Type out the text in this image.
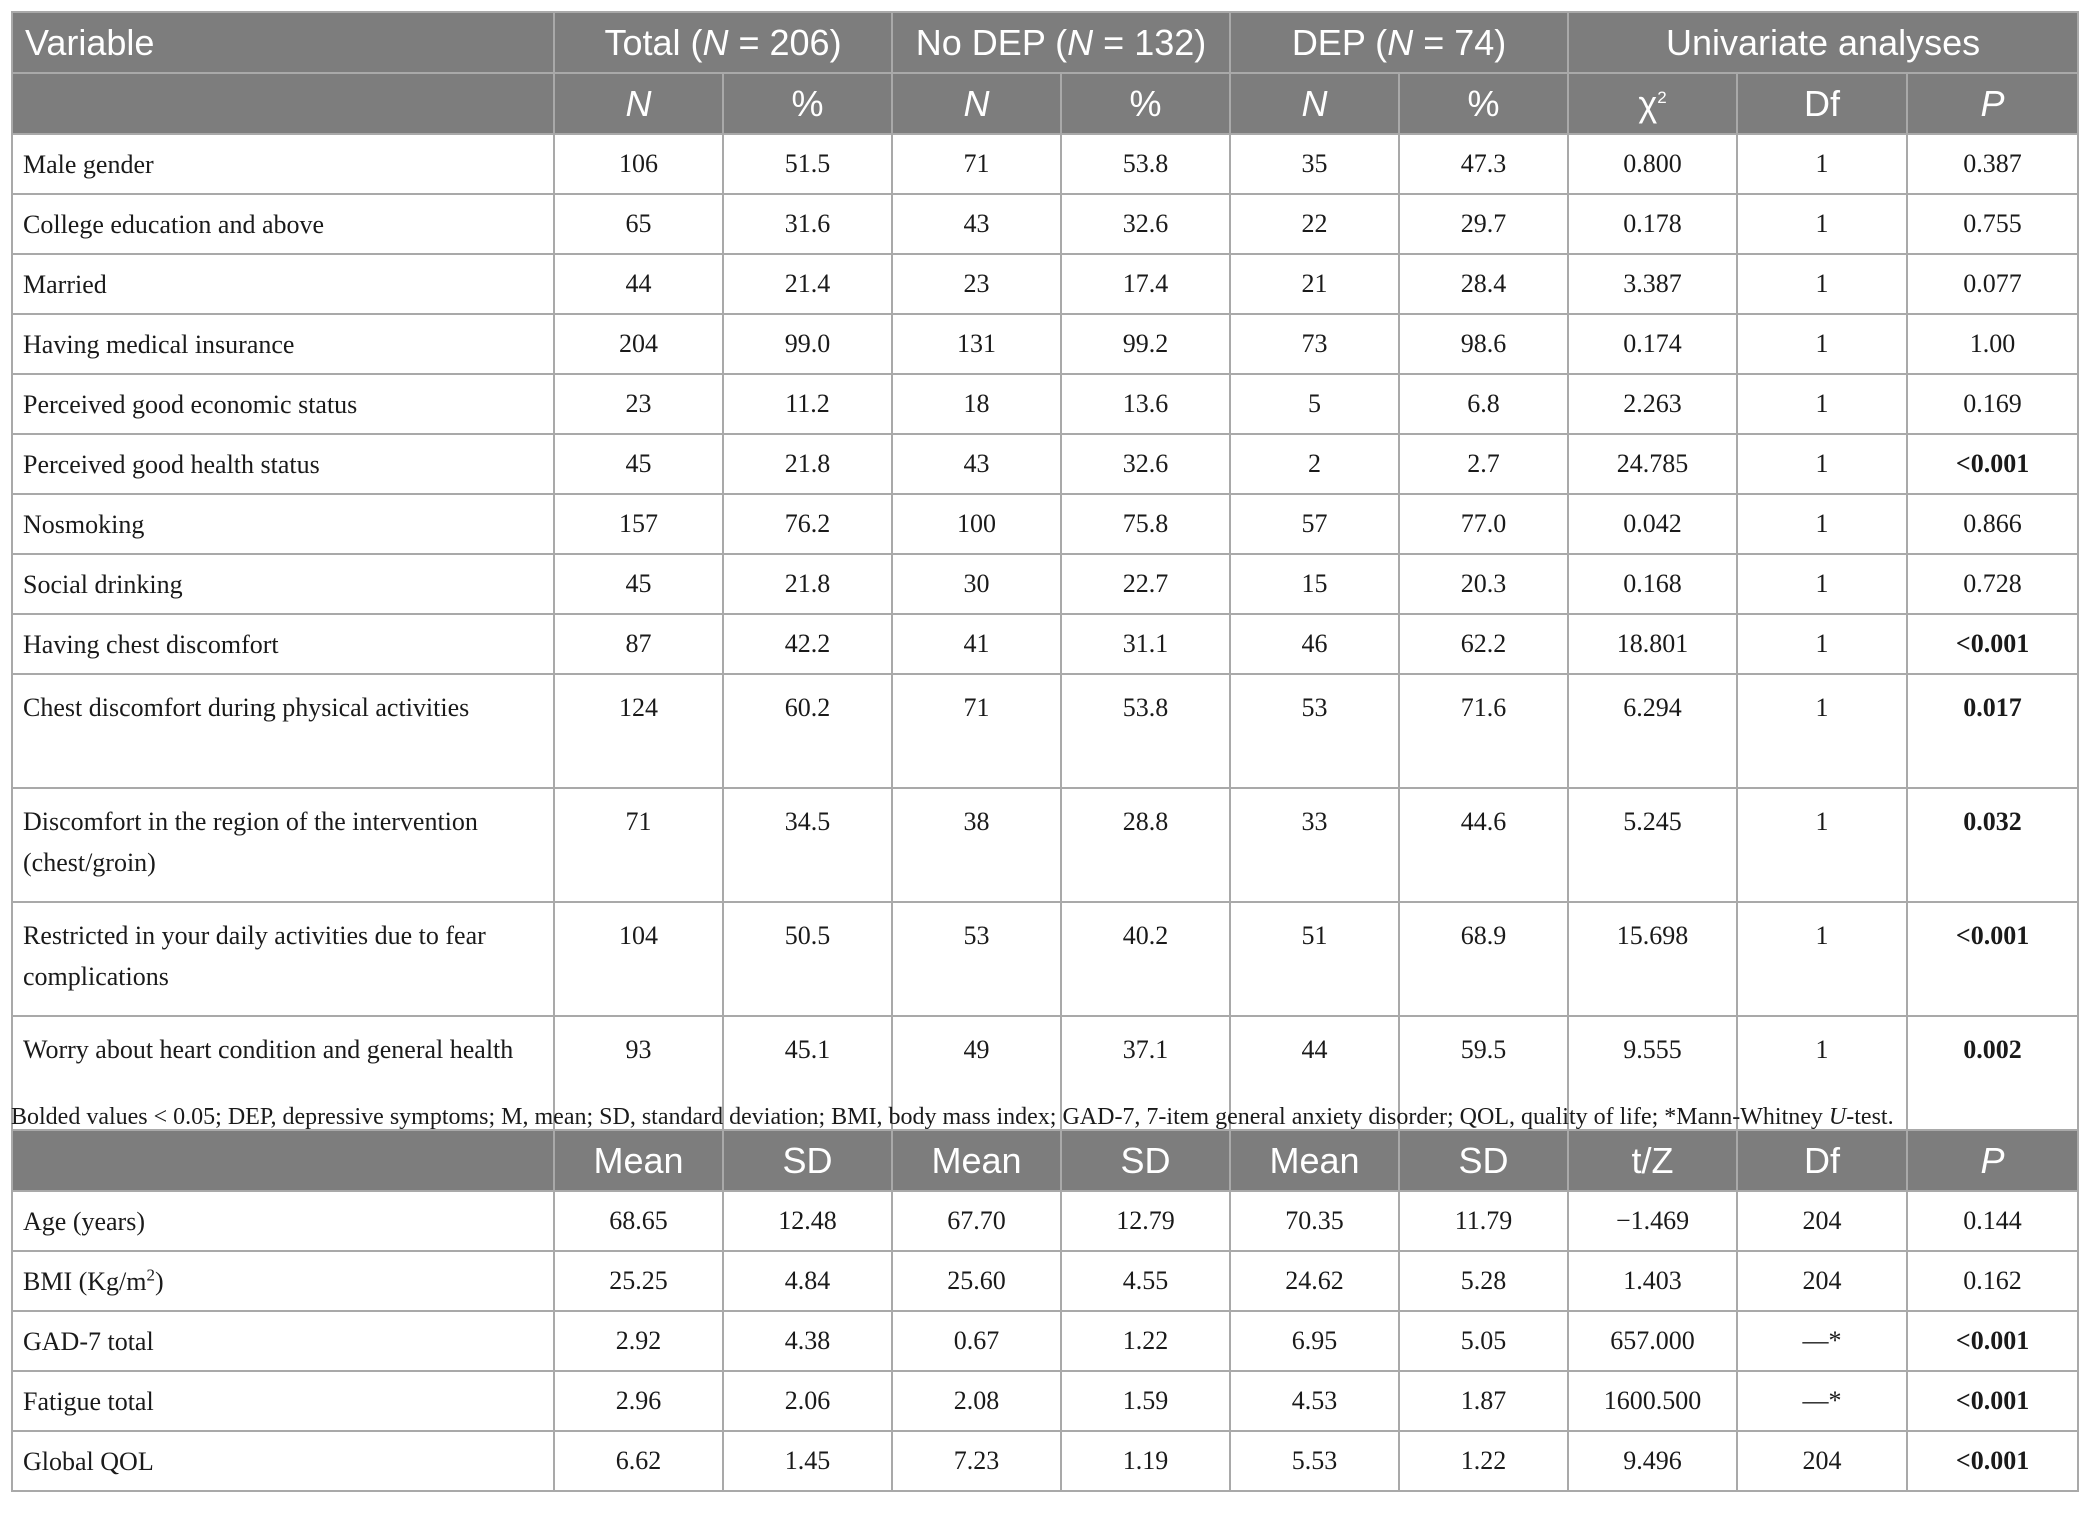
Variable	Total (N = 206)		No DEP (N = 132)		DEP (N = 74)		Univariate analyses		
	N	%	N	%	N	%	$\chi^2$	Df	P
Male gender	106	51.5	71	53.8	35	47.3	0.800	1	0.387
College education and above	65	31.6	43	32.6	22	29.7	0.178	1	0.755
Married	44	21.4	23	17.4	21	28.4	3.387	1	0.077
Having medical insurance	204	99.0	131	99.2	73	98.6	0.174	1	1.00
Perceived good economic status	23	11.2	18	13.6	5	6.8	2.263	1	0.169
Perceived good health status	45	21.8	43	32.6	2	2.7	24.785	1	<0.001
Nosmoking	157	76.2	100	75.8	57	77.0	0.042	1	0.866
Social drinking	45	21.8	30	22.7	15	20.3	0.168	1	0.728
Having chest discomfort	87	42.2	41	31.1	46	62.2	18.801	1	<0.001
Chest discomfort during physical activities	124	60.2	71	53.8	53	71.6	6.294	1	0.017
Discomfort in the region of the intervention (chest/groin)	71	34.5	38	28.8	33	44.6	5.245	1	0.032
Restricted in your daily activities due to fear complications	104	50.5	53	40.2	51	68.9	15.698	1	<0.001
Worry about heart condition and general health	93	45.1	49	37.1	44	59.5	9.555	1	0.002
	Mean	SD	Mean	SD	Mean	SD	t/Z	Df	P
Age (years)	68.65	12.48	67.70	12.79	70.35	11.79	−1.469	204	0.144
BMI $(Kg/m^2)$	25.25	4.84	25.60	4.55	24.62	5.28	1.403	204	0.162
GAD-7 total	2.92	4.38	0.67	1.22	6.95	5.05	657.000	—*	<0.001
Fatigue total	2.96	2.06	2.08	1.59	4.53	1.87	1600.500	—*	<0.001
Global QOL	6.62	1.45	7.23	1.19	5.53	1.22	9.496	204	<0.001
Bolded values < 0.05; DEP, depressive symptoms; M, mean; SD, standard deviation; BMI, body mass index; GAD-7, 7-item general anxiety disorder; QOL, quality of life; *Mann-Whitney U-test.
